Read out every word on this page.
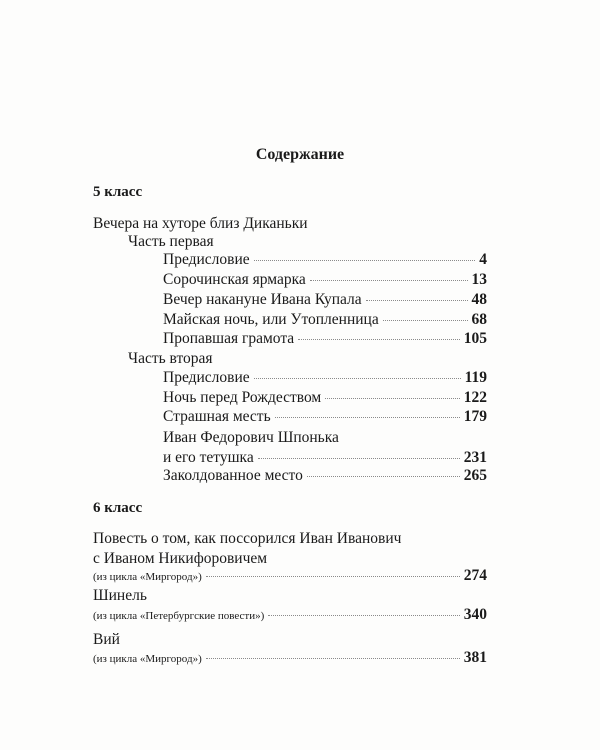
Содержание
5 класс
Вечера на хуторе близ Диканьки
Часть первая
Предисловие	4
Сорочинская ярмарка	13
Вечер накануне Ивана Купала	48
Майская ночь, или Утопленница	68
Пропавшая грамота	105
Часть вторая
Предисловие	119
Ночь перед Рождеством	122
Страшная месть	179
Иван Федорович Шпонька
и его тетушка	231
Заколдованное место	265
6 класс
Повесть о том, как поссорился Иван Иванович
с Иваном Никифоровичем
(из цикла «Миргород»)	274
Шинель
(из цикла «Петербургские повести»)	340
Вий
(из цикла «Миргород»)	381
